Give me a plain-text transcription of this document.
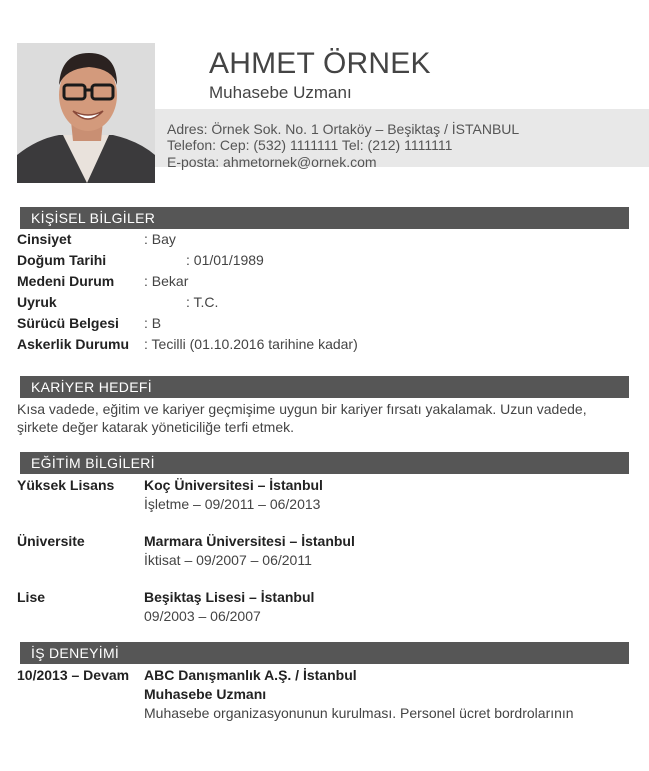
AHMET ÖRNEK
Muhasebe Uzmanı
Adres: Örnek Sok. No. 1 Ortaköy – Beşiktaş / İSTANBUL
Telefon: Cep: (532) 1111111 Tel: (212) 1111111
E-posta: ahmetornek@ornek.com
KİŞİSEL BİLGİLER
Cinsiyet	: Bay
Doğum Tarihi	: 01/01/1989
Medeni Durum : Bekar
Uyruk	: T.C.
Sürücü Belgesi : B
Askerlik Durumu : Tecilli (01.10.2016 tarihine kadar)
KARİYER HEDEFİ
Kısa vadede, eğitim ve kariyer geçmişime uygun bir kariyer fırsatı yakalamak. Uzun vadede, şirkete değer katarak yöneticiliğe terfi etmek.
EĞİTİM BİLGİLERİ
Yüksek Lisans Koç Üniversitesi – İstanbul
İşletme – 09/2011 – 06/2013
Üniversite	Marmara Üniversitesi – İstanbul
İktisat – 09/2007 – 06/2011
Lise	Beşiktaş Lisesi – İstanbul
09/2003 – 06/2007
İŞ DENEYİMİ
10/2013 – Devam ABC Danışmanlık A.Ş. / İstanbul
Muhasebe Uzmanı
Muhasebe organizasyonunun kurulması. Personel ücret bordrolarının
